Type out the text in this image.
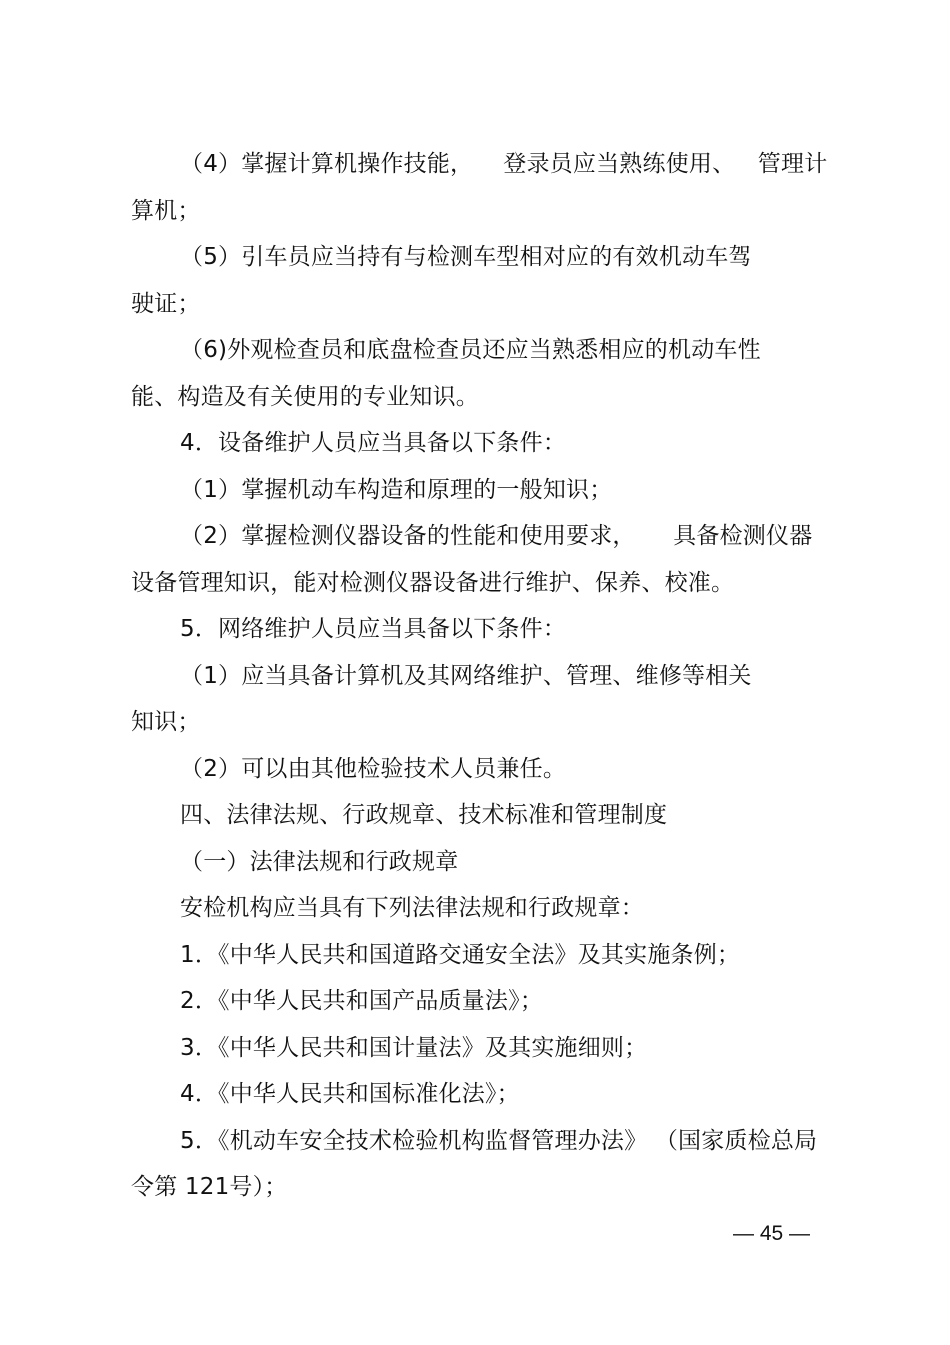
（4）掌握计算机操作技能，    登录员应当熟练使用、   管理计
算机；
（5）引车员应当持有与检测车型相对应的有效机动车驾
驶证；
（6)外观检查员和底盘检查员还应当熟悉相应的机动车性
能、构造及有关使用的专业知识。
4．设备维护人员应当具备以下条件：
（1）掌握机动车构造和原理的一般知识；
（2）掌握检测仪器设备的性能和使用要求，     具备检测仪器
设备管理知识，能对检测仪器设备进行维护、保养、校准。
5．网络维护人员应当具备以下条件：
（1）应当具备计算机及其网络维护、管理、维修等相关
知识；
（2）可以由其他检验技术人员兼任。
四、法律法规、行政规章、技术标准和管理制度
（一）法律法规和行政规章
安检机构应当具有下列法律法规和行政规章：
1．《中华人民共和国道路交通安全法》及其实施条例；
2．《中华人民共和国产品质量法》；
3．《中华人民共和国计量法》及其实施细则；
4．《中华人民共和国标准化法》；
5．《机动车安全技术检验机构监督管理办法》 （国家质检总局
令第 121号）；
— 45 —
